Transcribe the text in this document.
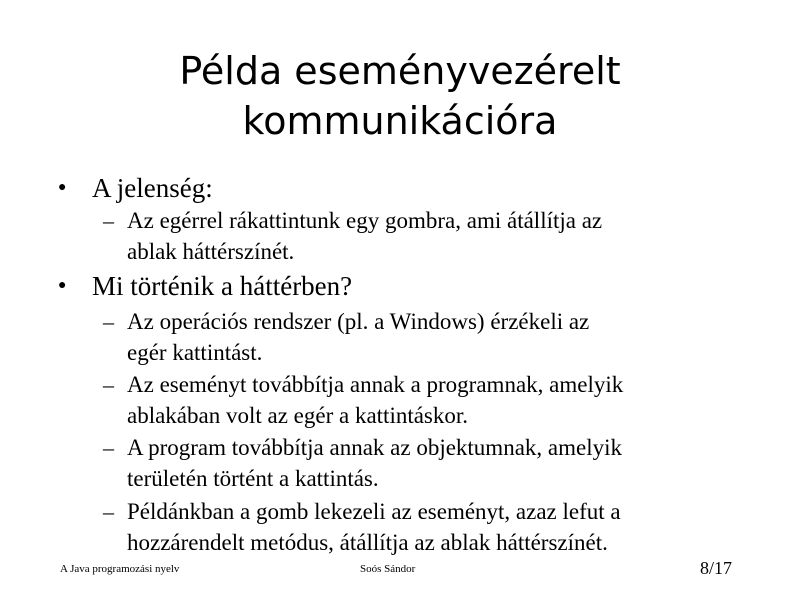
Példa eseményvezérelt
kommunikációra
● A jelenség:
– Az egérrel rákattintunk egy gombra, ami átállítja az
ablak háttérszínét.
● Mi történik a háttérben?
– Az operációs rendszer (pl. a Windows) érzékeli az
egér kattintást.
– Az eseményt továbbítja annak a programnak, amelyik
ablakában volt az egér a kattintáskor.
– A program továbbítja annak az objektumnak, amelyik
területén történt a kattintás.
– Példánkban a gomb lekezeli az eseményt, azaz lefut a
hozzárendelt metódus, átállítja az ablak háttérszínét.
A Java programozási nyelv	Soós Sándor	8/17
